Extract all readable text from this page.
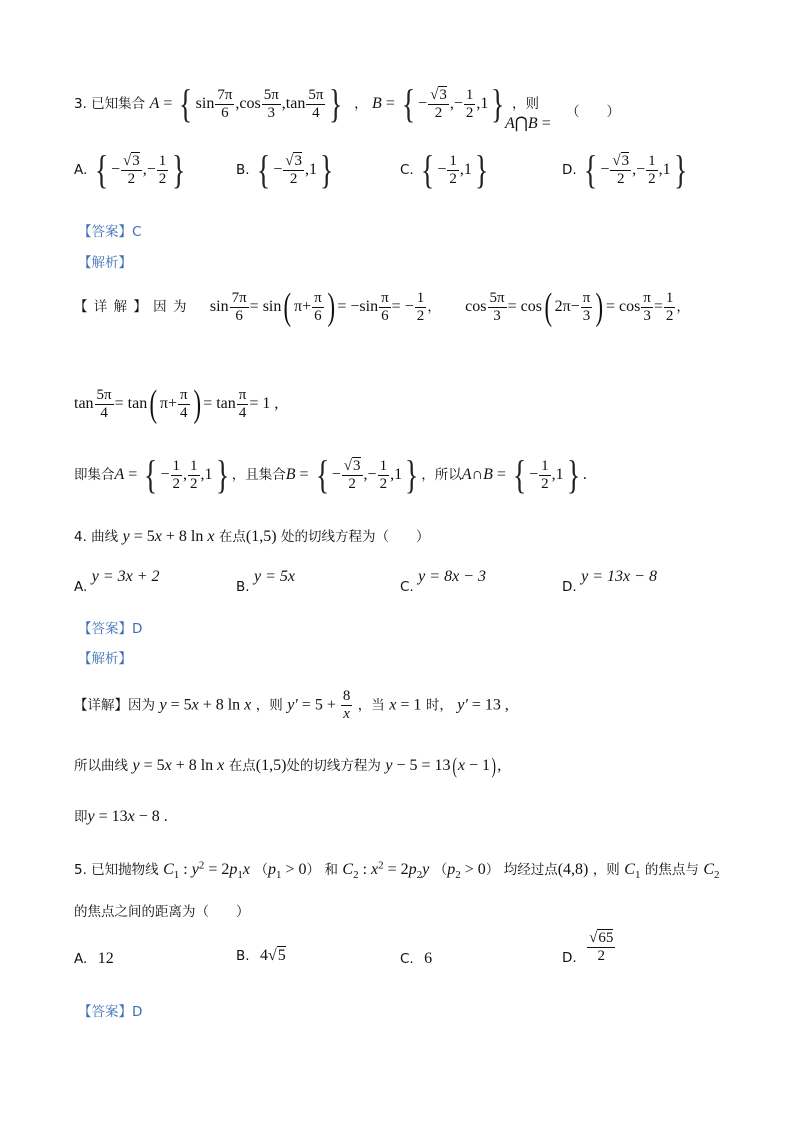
3. 已知集合 A = { $\sin \frac{7\pi}{6} ,\cos \frac{5\pi}{3} ,\tan \frac{5\pi}{4}$ } ， B = { − $\frac{√3}{2}$ ,− $\frac{1}{2} ,1$} ，则
A⋂B =
（　　）
A. { − $\frac{√3}{2}$ ,− $\frac{1}{2}$ }	B. { − $\frac{√3}{2} ,1$}	C. { − $\frac{1}{2} ,1$}	D. { − $\frac{√3}{2}$ ,− $\frac{1}{2} ,1$}
【答案】C
【解析】
【 详 解 】 因 为 $\sin \frac{7\pi}{6} = \sin$( $\pi+ \frac{\pi}{6}$ ) = $-\sin \frac{\pi}{6}$ = − $\frac{1}{2}$ ， $\cos \frac{5\pi}{3} = \cos$( $2\pi- \frac{\pi}{3}$ ) = $\cos \frac{\pi}{3} = \frac{1}{2}$ ，
$\tan \frac{5\pi}{4} = \tan$( $\pi+ \frac{\pi}{4}$ ) = $\tan \frac{\pi}{4} = 1$ ,
即集合A = { − $\frac{1}{2}$ , $\frac{1}{2} ,1$} ，且集合B = { − $\frac{√3}{2}$ ,− $\frac{1}{2} ,1$} ，所以A∩B = { − $\frac{1}{2} ,1$} .
4. 曲线 y = 5x + 8 ln x 在点(1,5) 处的切线方程为（　　）
A. y = 3x + 2
B. y = 5x
C. y = 8x − 3
D. y = 13x − 8
【答案】D
【解析】
【详解】因为 y = 5x + 8 ln x ，则 $y' = 5 + \frac{8}{x}$ ，当 x = 1 时， y′ = 13 ,
所以曲线 y = 5x + 8 ln x 在点(1,5)处的切线方程为 y − 5 = 13(x − 1),
即y = 13x − 8 .
5. 已知抛物线 $C_1$ : $y^2 = 2p_1x$ $(p_1 > 0)$ 和 $C_2$ : $x^2 = 2p_2y$ $(p_2 > 0)$ 均经过点(4,8) ，则 $C_1$ 的焦点与 $C_2$
的焦点之间的距离为（　　）
A. 12	B. 4√5	C. 6	D. $\frac{√65}{2}$
【答案】D
